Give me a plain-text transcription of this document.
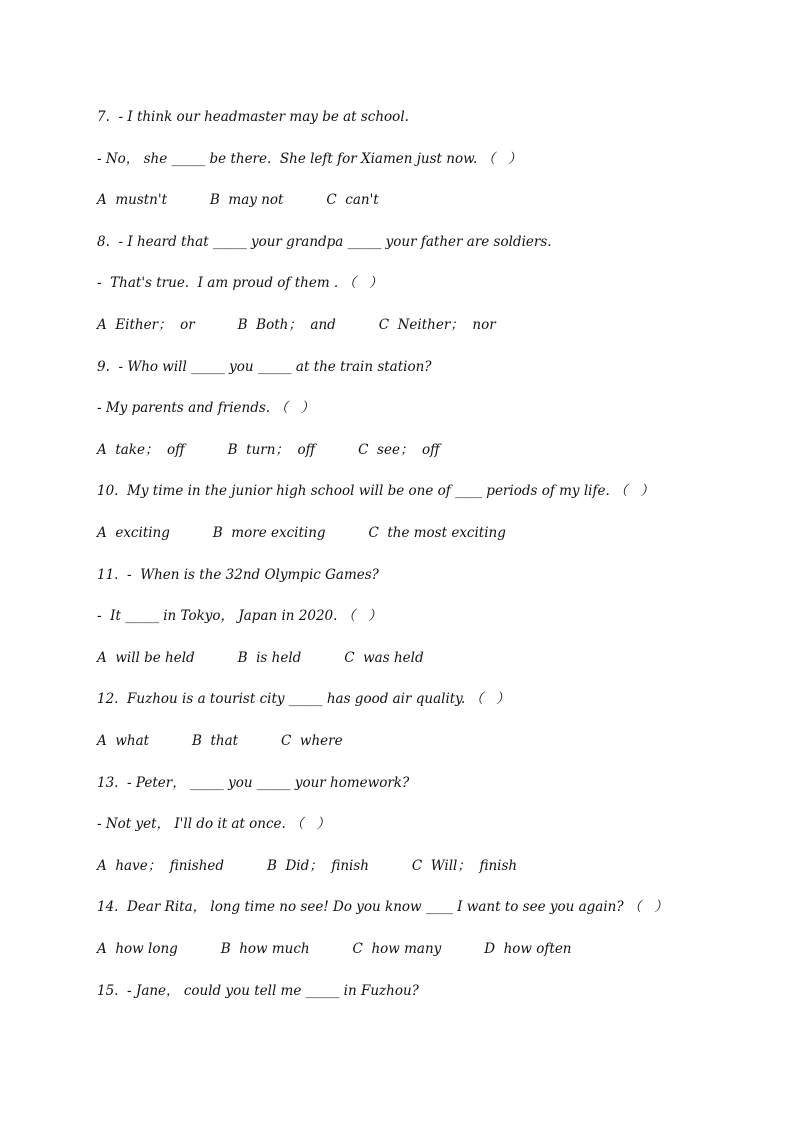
7.  - I think our headmaster may be at school.
- No， she _____ be there.  She left for Xiamen just now. （   ）
A  mustn't          B  may not          C  can't
8.  - I heard that _____ your grandpa _____ your father are soldiers.
-  That's true.  I am proud of them . （   ）
A  Either；  or          B  Both；  and          C  Neither；  nor
9.  - Who will _____ you _____ at the train station?
- My parents and friends. （   ）
A  take；  off          B  turn；  off          C  see；  off
10.  My time in the junior high school will be one of ____ periods of my life. （   ）
A  exciting          B  more exciting          C  the most exciting
11.  -  When is the 32nd Olympic Games?
-  It _____ in Tokyo， Japan in 2020. （   ）
A  will be held          B  is held          C  was held
12.  Fuzhou is a tourist city _____ has good air quality. （   ）
A  what          B  that          C  where
13.  - Peter， _____ you _____ your homework?
- Not yet， I'll do it at once. （   ）
A  have；  finished          B  Did；  finish          C  Will；  finish
14.  Dear Rita， long time no see! Do you know ____ I want to see you again? （   ）
A  how long          B  how much          C  how many          D  how often
15.  - Jane， could you tell me _____ in Fuzhou?
